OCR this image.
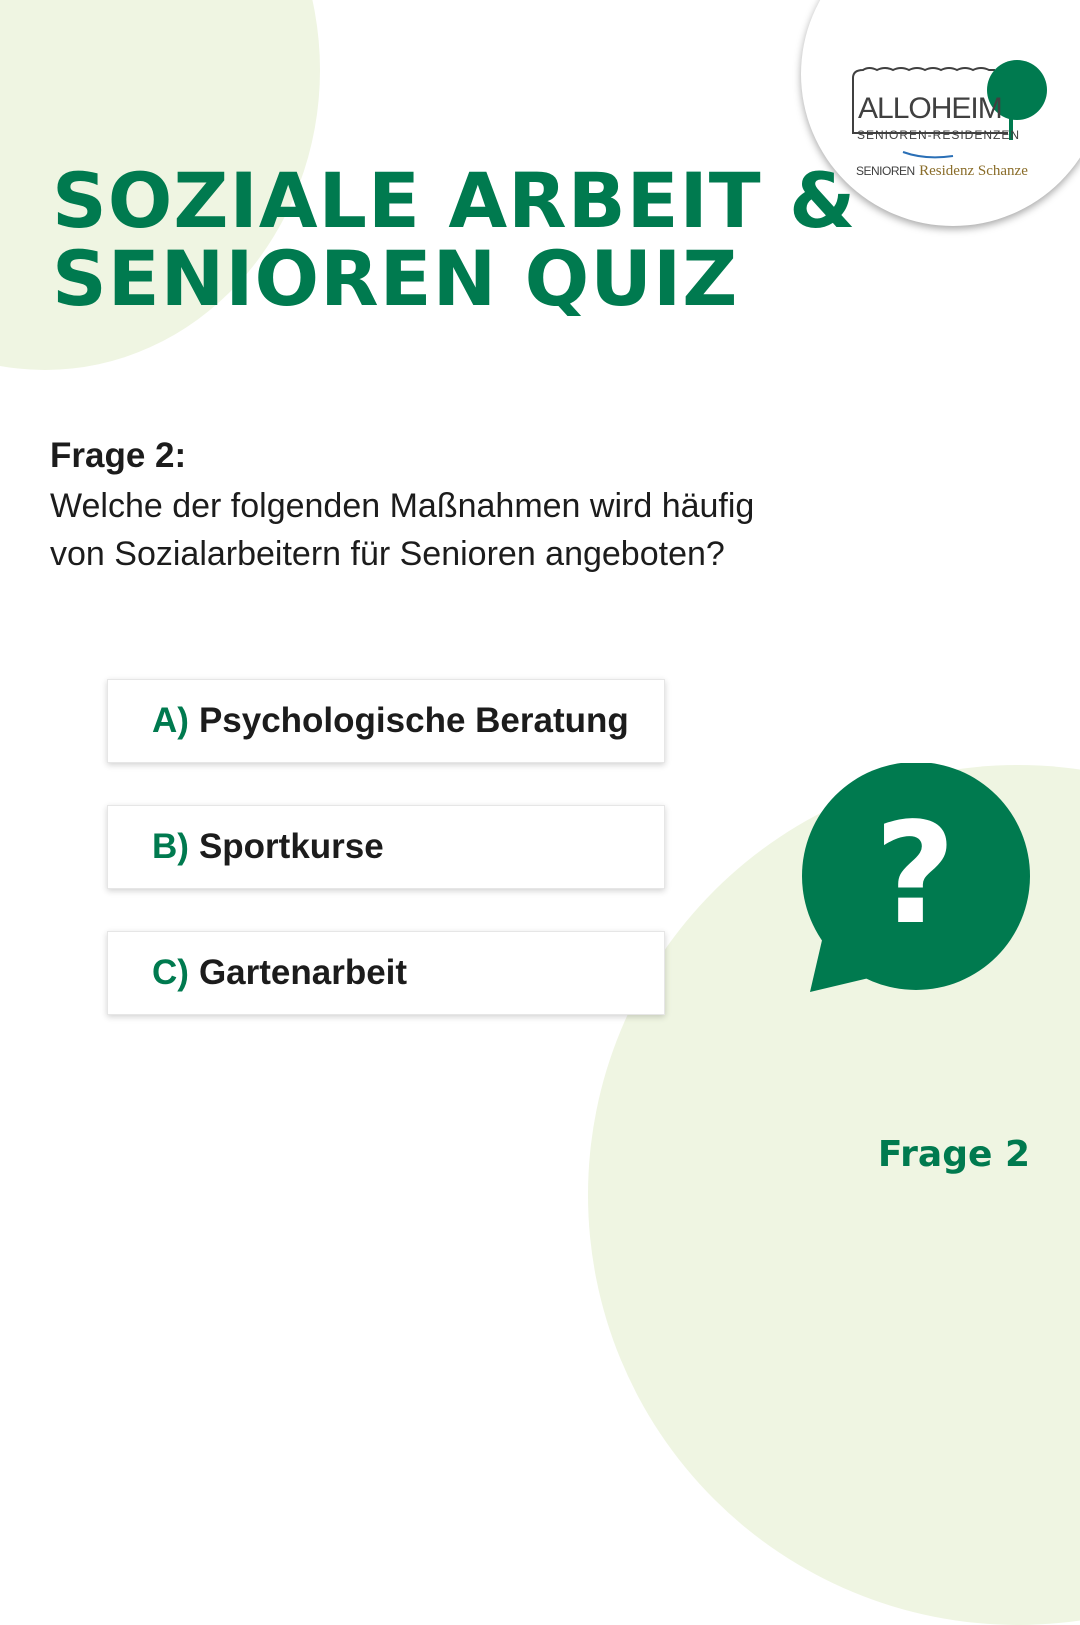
ALLOHEIM
SENIOREN-RESIDENZEN
SENIOREN Residenz Schanze
SOZIALE ARBEIT &
SENIOREN QUIZ
Frage 2:
Welche der folgenden Maßnahmen wird häufig von Sozialarbeitern für Senioren angeboten?
A) Psychologische Beratung
B) Sportkurse
C) Gartenarbeit
?
Frage 2
